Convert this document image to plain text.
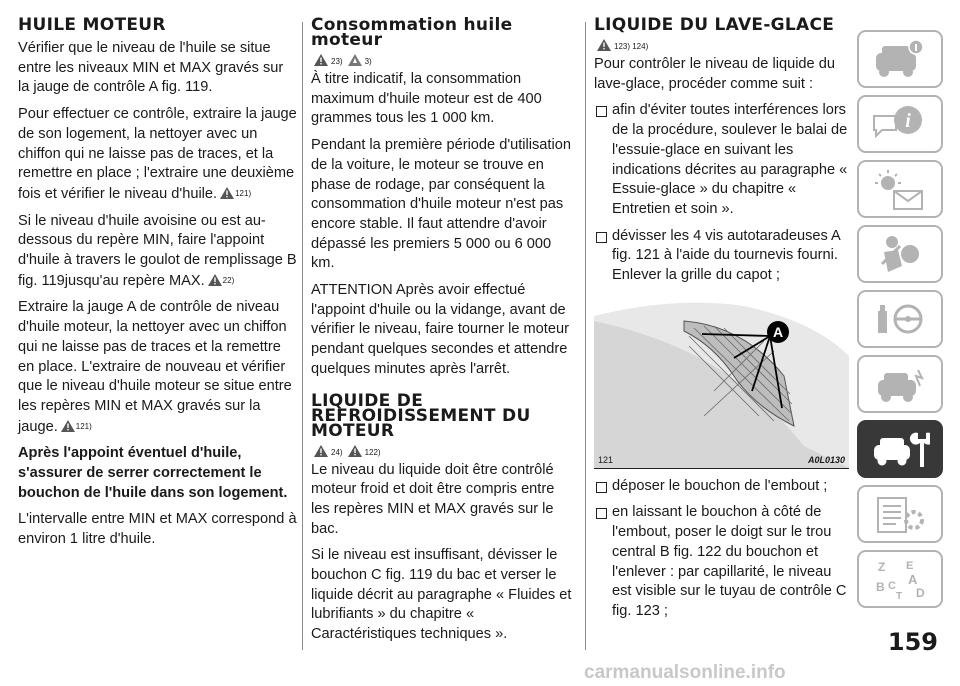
HUILE MOTEUR

Vérifier que le niveau de l'huile se situe entre les niveaux MIN et MAX gravés sur la jauge de contrôle A fig. 119.

Pour effectuer ce contrôle, extraire la jauge de son logement, la nettoyer avec un chiffon qui ne laisse pas de traces, et la remettre en place ; l'extraire une deuxième fois et vérifier le niveau d'huile. 121)

Si le niveau d'huile avoisine ou est au-dessous du repère MIN, faire l'appoint d'huile à travers le goulot de remplissage B fig. 119jusqu'au repère MAX. 22)

Extraire la jauge A de contrôle de niveau d'huile moteur, la nettoyer avec un chiffon qui ne laisse pas de traces et la remettre en place. L'extraire de nouveau et vérifier que le niveau d'huile moteur se situe entre les repères MIN et MAX gravés sur la jauge. 121)

Après l'appoint éventuel d'huile, s'assurer de serrer correctement le bouchon de l'huile dans son logement.

L'intervalle entre MIN et MAX correspond à environ 1 litre d'huile.

Consommation huile moteur
23)	3)

À titre indicatif, la consommation maximum d'huile moteur est de 400 grammes tous les 1 000 km.

Pendant la première période d'utilisation de la voiture, le moteur se trouve en phase de rodage, par conséquent la consommation d'huile moteur n'est pas encore stable. Il faut attendre d'avoir dépassé les premiers 5 000 ou 6 000 km.

ATTENTION Après avoir effectué l'appoint d'huile ou la vidange, avant de vérifier le niveau, faire tourner le moteur pendant quelques secondes et attendre quelques minutes après l'arrêt.

LIQUIDE DE REFROIDISSEMENT DU MOTEUR
24)	122)

Le niveau du liquide doit être contrôlé moteur froid et doit être compris entre les repères MIN et MAX gravés sur le bac.

Si le niveau est insuffisant, dévisser le bouchon C fig. 119 du bac et verser le liquide décrit au paragraphe « Fluides et lubrifiants » du chapitre « Caractéristiques techniques ».

LIQUIDE DU LAVE-GLACE
123) 124)

Pour contrôler le niveau de liquide du lave-glace, procéder comme suit :

afin d'éviter toutes interférences lors de la procédure, soulever le balai de l'essuie-glace en suivant les indications décrites au paragraphe « Essuie-glace » du chapitre « Entretien et soin ».
dévisser les 4 vis autotaradeuses A fig. 121 à l'aide du tournevis fourni. Enlever la grille du capot ;
A
121	A0L0130
déposer le bouchon de l'embout ;
en laissant le bouchon à côté de l'embout, poser le doigt sur le trou central B fig. 122 du bouchon et l'enlever : par capillarité, le niveau est visible sur le tuyau de contrôle C fig. 123 ;
i
Z E
A
B C
T D
159
carmanualsonline.info
